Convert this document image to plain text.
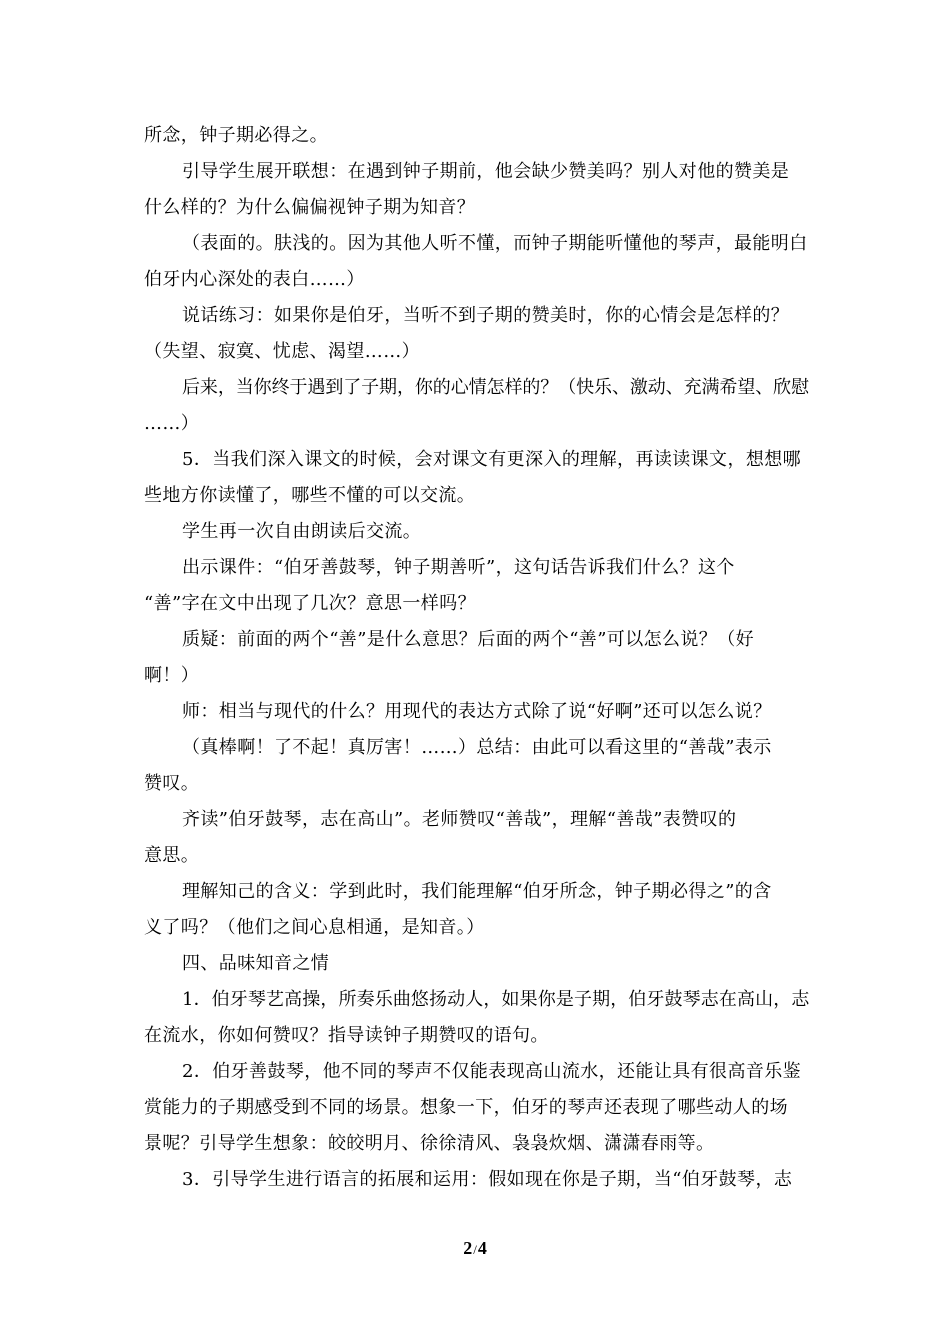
所念，钟子期必得之。
引导学生展开联想：在遇到钟子期前，他会缺少赞美吗？别人对他的赞美是
什么样的？为什么偏偏视钟子期为知音？
（表面的。肤浅的。因为其他人听不懂，而钟子期能听懂他的琴声，最能明白
伯牙内心深处的表白……）
说话练习：如果你是伯牙，当听不到子期的赞美时，你的心情会是怎样的？
（失望、寂寞、忧虑、渴望……）
后来，当你终于遇到了子期，你的心情怎样的？（快乐、激动、充满希望、欣慰
……）
5．当我们深入课文的时候，会对课文有更深入的理解，再读读课文，想想哪
些地方你读懂了，哪些不懂的可以交流。
学生再一次自由朗读后交流。
出示课件：“伯牙善鼓琴，钟子期善听”，这句话告诉我们什么？这个
“善”字在文中出现了几次？意思一样吗？
质疑：前面的两个“善”是什么意思？后面的两个“善”可以怎么说？（好
啊！）
师：相当与现代的什么？用现代的表达方式除了说“好啊”还可以怎么说？
（真棒啊！了不起！真厉害！……）总结：由此可以看这里的“善哉”表示
赞叹。
齐读”伯牙鼓琴，志在高山”。老师赞叹“善哉”，理解“善哉”表赞叹的
意思。
理解知己的含义：学到此时，我们能理解“伯牙所念，钟子期必得之”的含
义了吗？（他们之间心息相通，是知音。）
四、品味知音之情
1．伯牙琴艺高操，所奏乐曲悠扬动人，如果你是子期，伯牙鼓琴志在高山，志
在流水，你如何赞叹？指导读钟子期赞叹的语句。
2．伯牙善鼓琴，他不同的琴声不仅能表现高山流水，还能让具有很高音乐鉴
赏能力的子期感受到不同的场景。想象一下，伯牙的琴声还表现了哪些动人的场
景呢？引导学生想象：皎皎明月、徐徐清风、袅袅炊烟、潇潇春雨等。
3．引导学生进行语言的拓展和运用：假如现在你是子期，当“伯牙鼓琴，志
2/4
